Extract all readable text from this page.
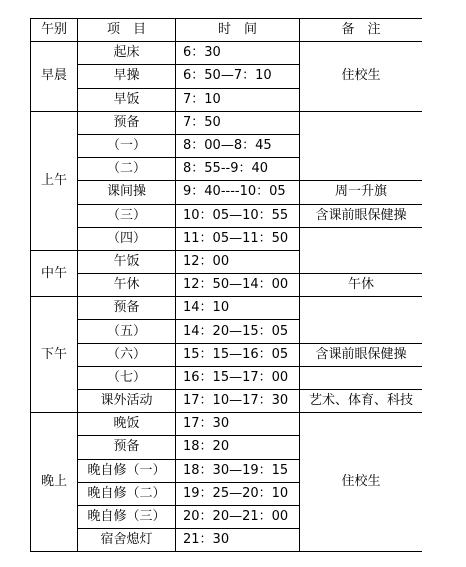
午别	项　目	时　间	备　注
早晨	起床	6：30	住校生
	早操	6：50—7：10	
	早饭	7：10	
上午	预备	7：50	
	（一）	8：00—8：45	
	（二）	8：55--9：40	
	课间操	9：40----10：05	周一升旗
	（三）	10：05—10：55	含课前眼保健操
	（四）	11：05—11：50	
中午	午饭	12：00	
	午休	12：50—14：00	午休
下午	预备	14：10	
	（五）	14：20—15：05	
	（六）	15：15—16：05	含课前眼保健操
	（七）	16：15—17：00	
	课外活动	17：10—17：30	艺术、体育、科技
晚上	晚饭	17：30	住校生
	预备	18：20	
	晚自修（一）	18：30—19：15	
	晚自修（二）	19：25—20：10	
	晚自修（三）	20：20—21：00	
	宿舍熄灯	21：30	
